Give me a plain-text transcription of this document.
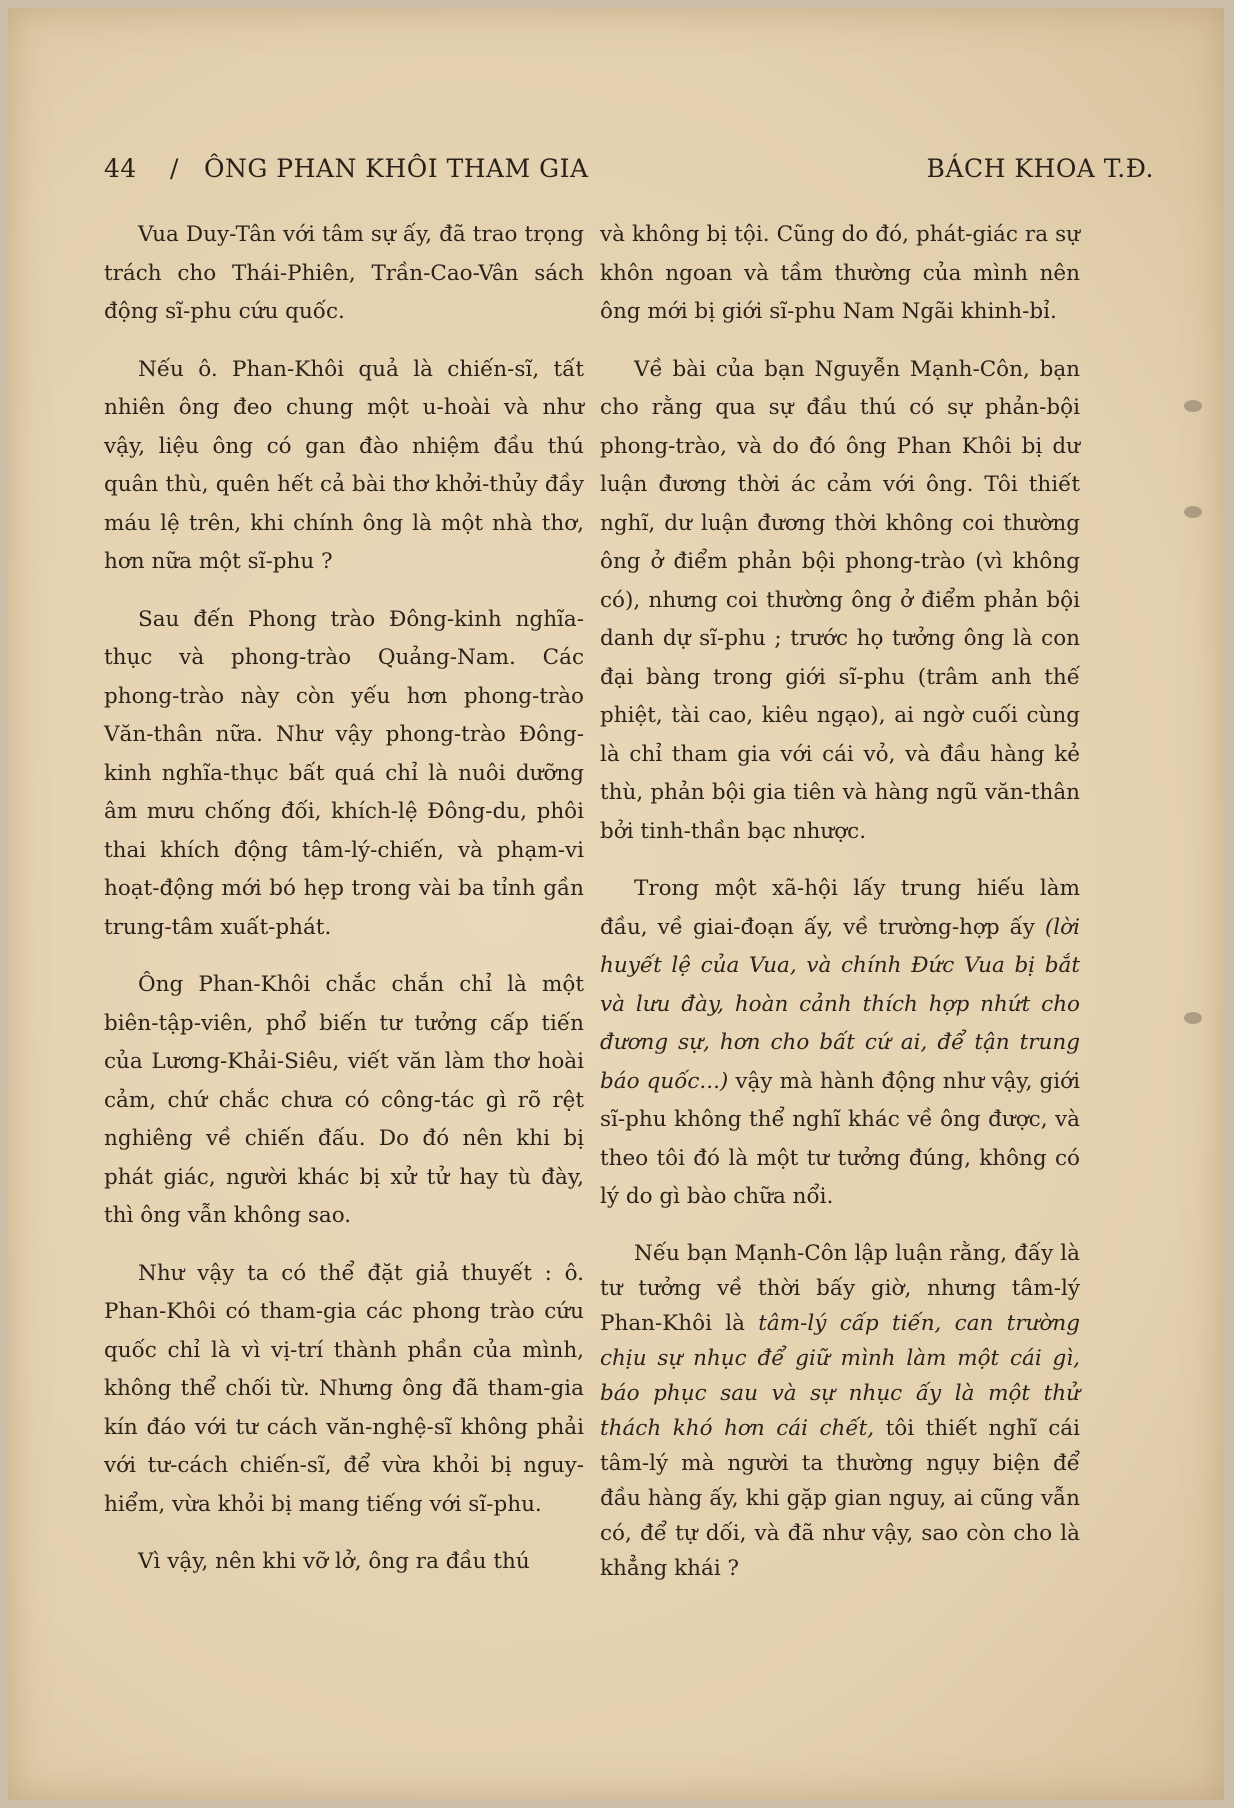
44 / ÔNG PHAN KHÔI THAM GIA	BÁCH KHOA T.Đ.

Vua Duy-Tân với tâm sự ấy, đã trao trọng trách cho Thái-Phiên, Trần-Cao-Vân sách động sĩ-phu cứu quốc.

Nếu ô. Phan-Khôi quả là chiến-sĩ, tất nhiên ông đeo chung một u-hoài và như vậy, liệu ông có gan đào nhiệm đầu thú quân thù, quên hết cả bài thơ khởi-thủy đầy máu lệ trên, khi chính ông là một nhà thơ, hơn nữa một sĩ-phu ?

Sau đến Phong trào Đông-kinh nghĩa-thục và phong-trào Quảng-Nam. Các phong-trào này còn yếu hơn phong-trào Văn-thân nữa. Như vậy phong-trào Đông-kinh nghĩa-thục bất quá chỉ là nuôi dưỡng âm mưu chống đối, khích-lệ Đông-du, phôi thai khích động tâm-lý-chiến, và phạm-vi hoạt-động mới bó hẹp trong vài ba tỉnh gần trung-tâm xuất-phát.

Ông Phan-Khôi chắc chắn chỉ là một biên-tập-viên, phổ biến tư tưởng cấp tiến của Lương-Khải-Siêu, viết văn làm thơ hoài cảm, chứ chắc chưa có công-tác gì rõ rệt nghiêng về chiến đấu. Do đó nên khi bị phát giác, người khác bị xử tử hay tù đày, thì ông vẫn không sao.

Như vậy ta có thể đặt giả thuyết : ô. Phan-Khôi có tham-gia các phong trào cứu quốc chỉ là vì vị-trí thành phần của mình, không thể chối từ. Nhưng ông đã tham-gia kín đáo với tư cách văn-nghệ-sĩ không phải với tư-cách chiến-sĩ, để vừa khỏi bị nguy-hiểm, vừa khỏi bị mang tiếng với sĩ-phu.

Vì vậy, nên khi vỡ lở, ông ra đầu thú

và không bị tội. Cũng do đó, phát-giác ra sự khôn ngoan và tầm thường của mình nên ông mới bị giới sĩ-phu Nam Ngãi khinh-bỉ.

Về bài của bạn Nguyễn Mạnh-Côn, bạn cho rằng qua sự đầu thú có sự phản-bội phong-trào, và do đó ông Phan Khôi bị dư luận đương thời ác cảm với ông. Tôi thiết nghĩ, dư luận đương thời không coi thường ông ở điểm phản bội phong-trào (vì không có), nhưng coi thường ông ở điểm phản bội danh dự sĩ-phu ; trước họ tưởng ông là con đại bàng trong giới sĩ-phu (trâm anh thế phiệt, tài cao, kiêu ngạo), ai ngờ cuối cùng là chỉ tham gia với cái vỏ, và đầu hàng kẻ thù, phản bội gia tiên và hàng ngũ văn-thân bởi tinh-thần bạc nhược.

Trong một xã-hội lấy trung hiếu làm đầu, về giai-đoạn ấy, về trường-hợp ấy (lời huyết lệ của Vua, và chính Đức Vua bị bắt và lưu đày, hoàn cảnh thích hợp nhứt cho đương sự, hơn cho bất cứ ai, để tận trung báo quốc...) vậy mà hành động như vậy, giới sĩ-phu không thể nghĩ khác về ông được, và theo tôi đó là một tư tưởng đúng, không có lý do gì bào chữa nổi.

Nếu bạn Mạnh-Côn lập luận rằng, đấy là tư tưởng về thời bấy giờ, nhưng tâm-lý Phan-Khôi là tâm-lý cấp tiến, can trường chịu sự nhục để giữ mình làm một cái gì, báo phục sau và sự nhục ấy là một thử thách khó hơn cái chết, tôi thiết nghĩ cái tâm-lý mà người ta thường ngụy biện để đầu hàng ấy, khi gặp gian nguy, ai cũng vẫn có, để tự dối, và đã như vậy, sao còn cho là khẳng khái ?
